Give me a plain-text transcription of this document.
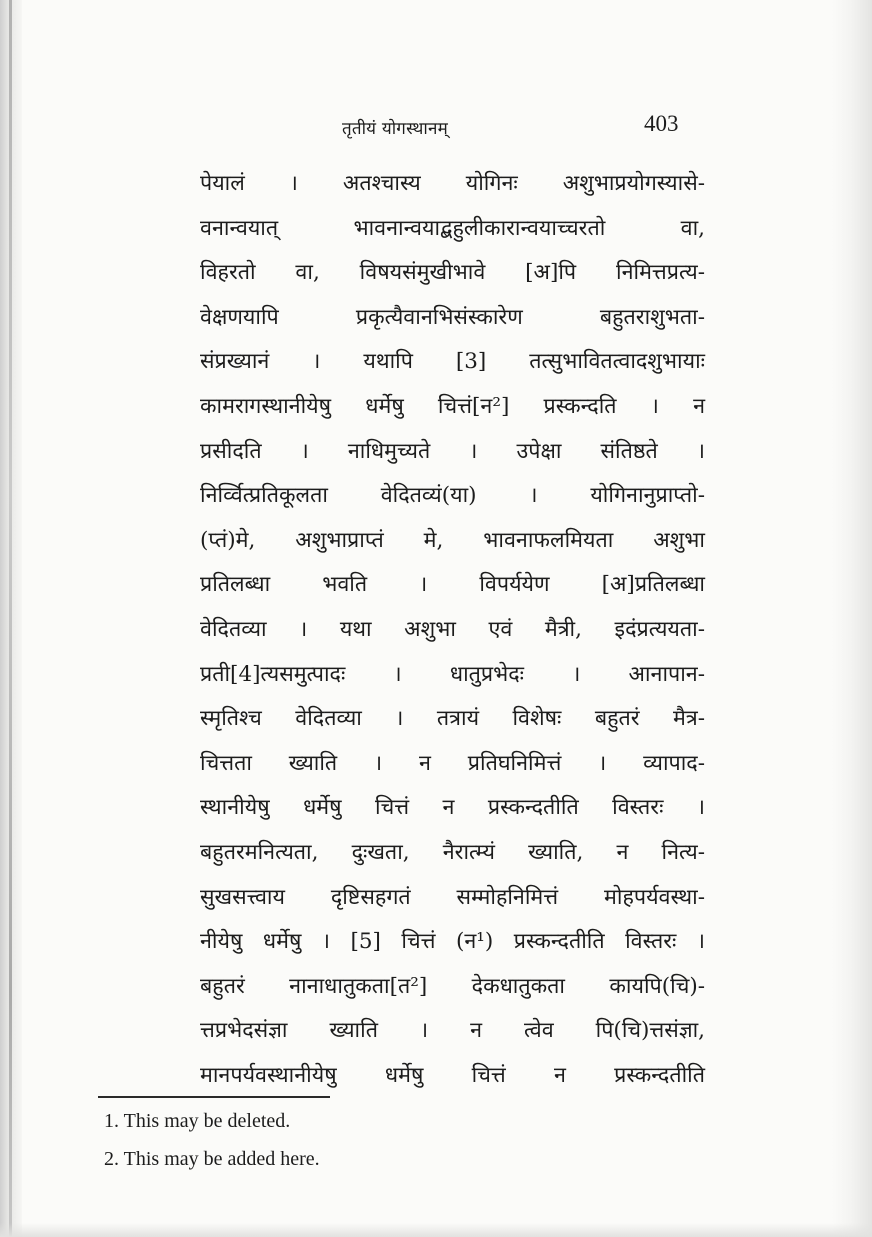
तृतीयं योगस्थानम्	403
पेयालं । अतश्चास्य योगिनः अशुभाप्रयोगस्यासे-
वनान्वयात् भावनान्वयाद्बहुलीकारान्वयाच्चरतो वा,
विहरतो वा, विषयसंमुखीभावे [अ]पि निमित्तप्रत्य-
वेक्षणयापि प्रकृत्यैवानभिसंस्कारेण बहुतराशुभता-
संप्रख्यानं । यथापि [3] तत्सुभावितत्वादशुभायाः
कामरागस्थानीयेषु धर्मेषु चित्तं[न²] प्रस्कन्दति । न
प्रसीदति । नाधिमुच्यते । उपेक्षा संतिष्ठते ।
निर्व्वित्प्रतिकूलता वेदितव्यं(या) । योगिनानुप्राप्तो-
(प्तं)मे, अशुभाप्राप्तं मे, भावनाफलमियता अशुभा
प्रतिलब्धा भवति । विपर्ययेण [अ]प्रतिलब्धा
वेदितव्या । यथा अशुभा एवं मैत्री, इदंप्रत्ययता-
प्रती[4]त्यसमुत्पादः । धातुप्रभेदः । आनापान-
स्मृतिश्च वेदितव्या । तत्रायं विशेषः बहुतरं मैत्र-
चित्तता ख्याति । न प्रतिघनिमित्तं । व्यापाद-
स्थानीयेषु धर्मेषु चित्तं न प्रस्कन्दतीति विस्तरः ।
बहुतरमनित्यता, दुःखता, नैरात्म्यं ख्याति, न नित्य-
सुखसत्त्वाय दृष्टिसहगतं सम्मोहनिमित्तं मोहपर्यवस्था-
नीयेषु धर्मेषु । [5] चित्तं (न¹) प्रस्कन्दतीति विस्तरः ।
बहुतरं नानाधातुकता[त²] देकधातुकता कायपि(चि)-
त्तप्रभेदसंज्ञा ख्याति । न त्वेव पि(चि)त्तसंज्ञा,
मानपर्यवस्थानीयेषु धर्मेषु चित्तं न प्रस्कन्दतीति
1. This may be deleted.
2. This may be added here.
